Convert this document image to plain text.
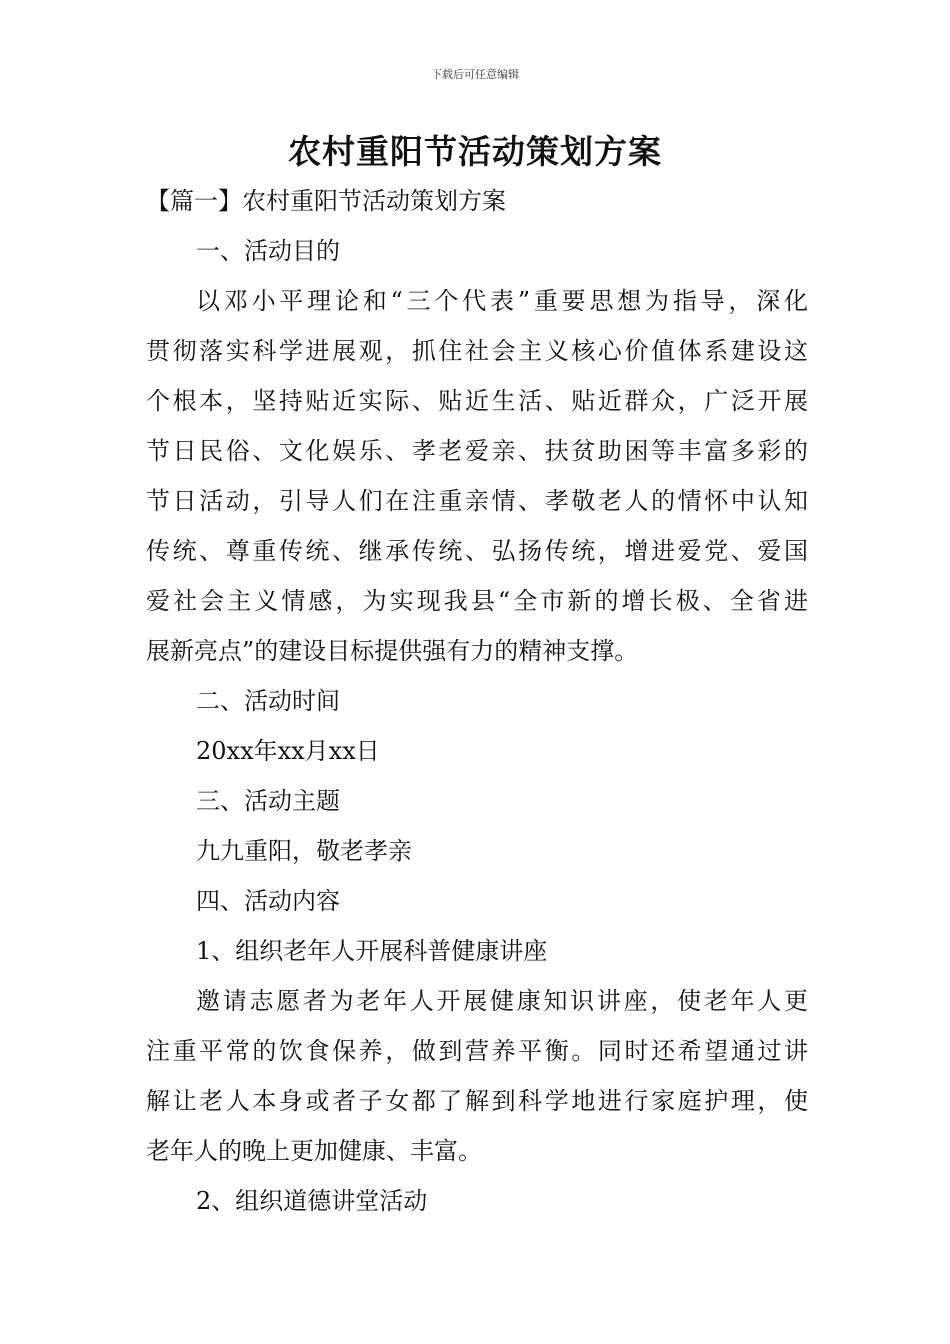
下载后可任意编辑
农村重阳节活动策划方案
【篇一】农村重阳节活动策划方案
一、活动目的
以邓小平理论和“三个代表”重要思想为指导，深化
贯彻落实科学进展观，抓住社会主义核心价值体系建设这
个根本，坚持贴近实际、贴近生活、贴近群众，广泛开展
节日民俗、文化娱乐、孝老爱亲、扶贫助困等丰富多彩的
节日活动，引导人们在注重亲情、孝敬老人的情怀中认知
传统、尊重传统、继承传统、弘扬传统，增进爱党、爱国
爱社会主义情感，为实现我县“全市新的增长极、全省进
展新亮点”的建设目标提供强有力的精神支撑。
二、活动时间
20xx年xx月xx日
三、活动主题
九九重阳，敬老孝亲
四、活动内容
1、组织老年人开展科普健康讲座
邀请志愿者为老年人开展健康知识讲座，使老年人更
注重平常的饮食保养，做到营养平衡。同时还希望通过讲
解让老人本身或者子女都了解到科学地进行家庭护理，使
老年人的晚上更加健康、丰富。
2、组织道德讲堂活动
